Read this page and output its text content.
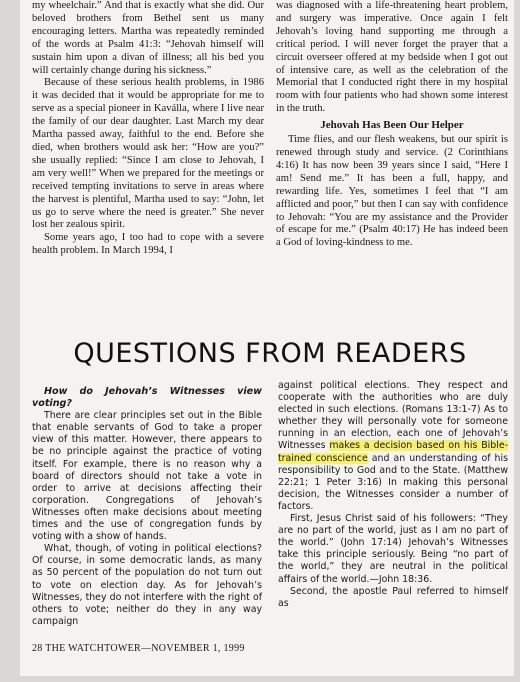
my wheelchair.” And that is exactly what she did. Our beloved brothers from Bethel sent us many encouraging letters. Martha was repeatedly reminded of the words at Psalm 41:3: “Jehovah himself will sustain him upon a divan of illness; all his bed you will certainly change during his sickness.”

Because of these serious health problems, in 1986 it was decided that it would be appropriate for me to serve as a special pioneer in Kaválla, where I live near the family of our dear daughter. Last March my dear Martha passed away, faithful to the end. Before she died, when brothers would ask her: “How are you?” she usually replied: “Since I am close to Jehovah, I am very well!” When we prepared for the meetings or received tempting invitations to serve in areas where the harvest is plentiful, Martha used to say: “John, let us go to serve where the need is greater.” She never lost her zealous spirit.

Some years ago, I too had to cope with a severe health problem. In March 1994, I

was diagnosed with a life-threatening heart problem, and surgery was imperative. Once again I felt Jehovah’s loving hand supporting me through a critical period. I will never forget the prayer that a circuit overseer offered at my bedside when I got out of intensive care, as well as the celebration of the Memorial that I conducted right there in my hospital room with four patients who had shown some interest in the truth.

Jehovah Has Been Our Helper

Time flies, and our flesh weakens, but our spirit is renewed through study and service. (2 Corinthians 4:16) It has now been 39 years since I said, “Here I am! Send me.” It has been a full, happy, and rewarding life. Yes, sometimes I feel that “I am afflicted and poor,” but then I can say with confidence to Jehovah: “You are my assistance and the Provider of escape for me.” (Psalm 40:17) He has indeed been a God of loving-kindness to me.

QUESTIONS FROM READERS

How do Jehovah’s Witnesses view voting?

There are clear principles set out in the Bible that enable servants of God to take a proper view of this matter. However, there appears to be no principle against the practice of voting itself. For example, there is no reason why a board of directors should not take a vote in order to arrive at decisions affecting their corporation. Congregations of Jehovah’s Witnesses often make decisions about meeting times and the use of congregation funds by voting with a show of hands.

What, though, of voting in political elections? Of course, in some democratic lands, as many as 50 percent of the population do not turn out to vote on election day. As for Jehovah’s Witnesses, they do not interfere with the right of others to vote; neither do they in any way campaign

against political elections. They respect and cooperate with the authorities who are duly elected in such elections. (Romans 13:1-7) As to whether they will personally vote for someone running in an election, each one of Jehovah’s Witnesses makes a decision based on his Bible-trained conscience and an understanding of his responsibility to God and to the State. (Matthew 22:21; 1 Peter 3:16) In making this personal decision, the Witnesses consider a number of factors.

First, Jesus Christ said of his followers: “They are no part of the world, just as I am no part of the world.” (John 17:14) Jehovah’s Witnesses take this principle seriously. Being “no part of the world,” they are neutral in the political affairs of the world.—John 18:36.

Second, the apostle Paul referred to himself as

28 THE WATCHTOWER—NOVEMBER 1, 1999
